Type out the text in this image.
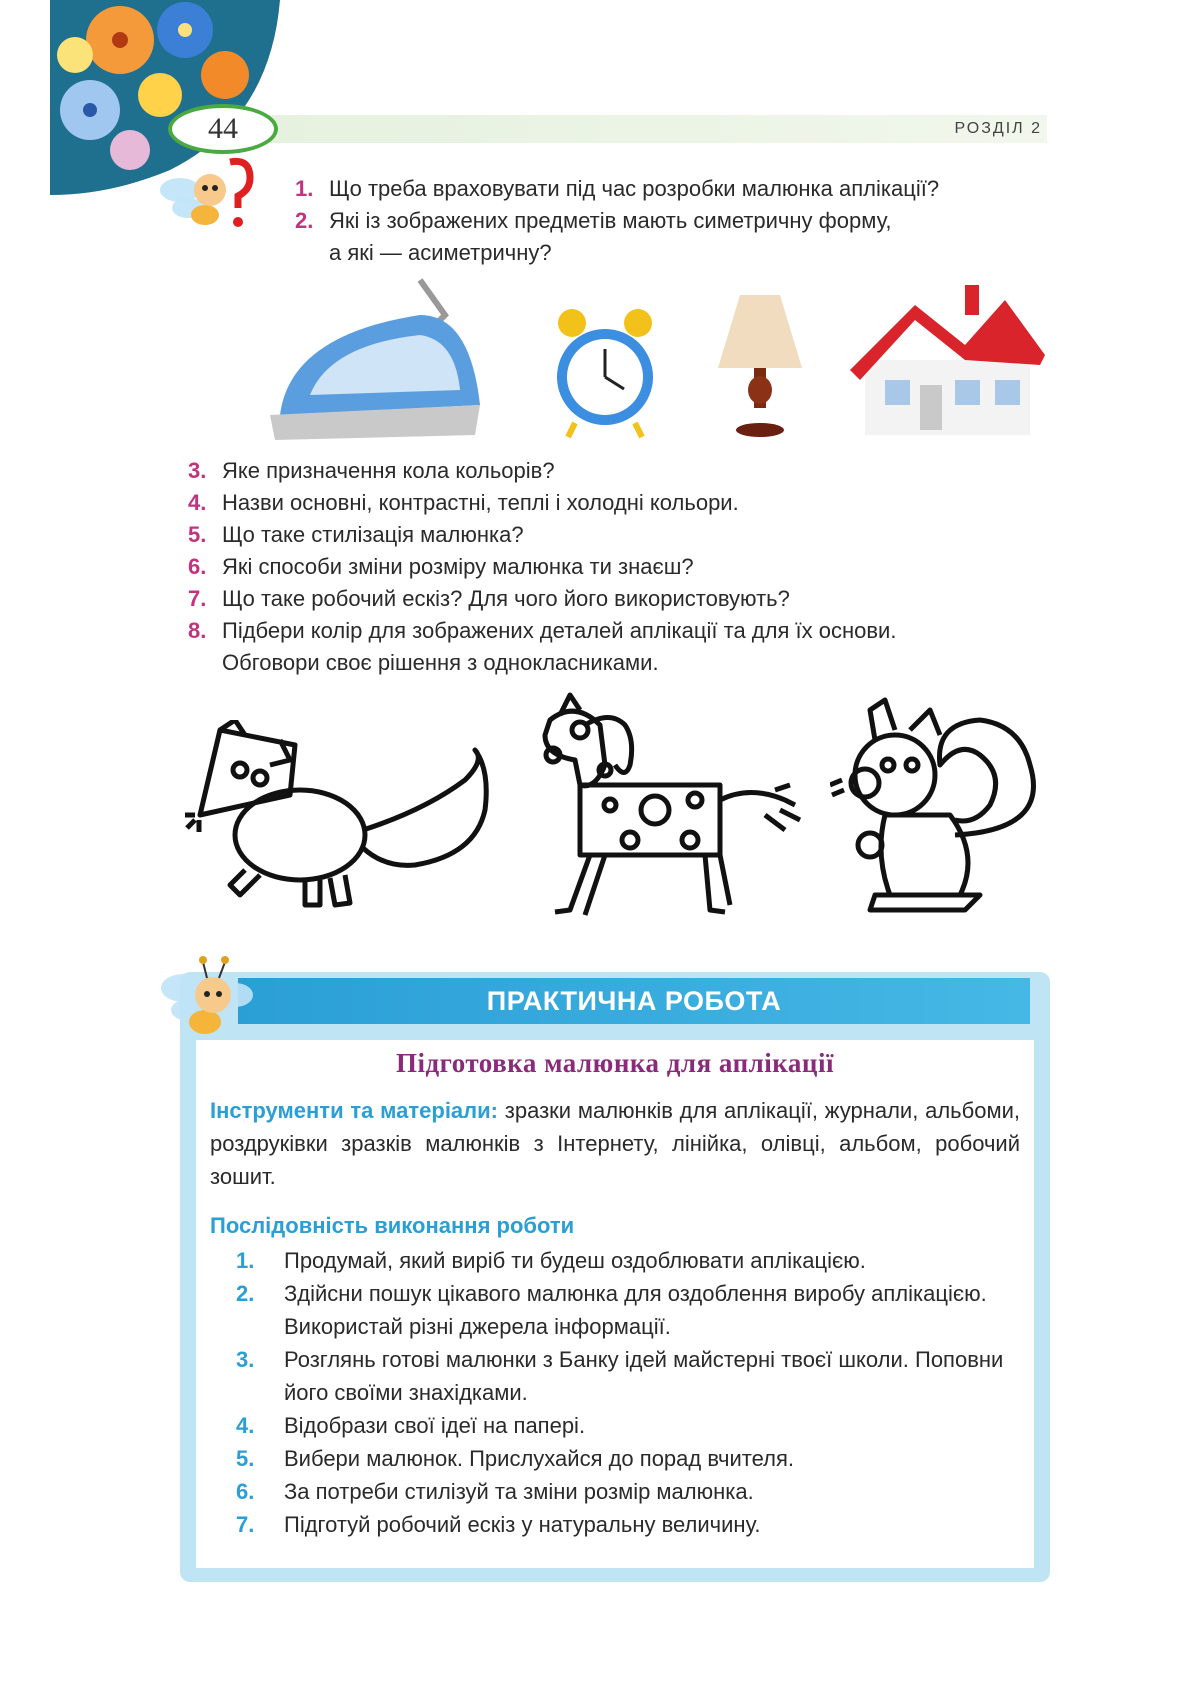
44	РОЗДІЛ 2
1. Що треба враховувати під час розробки малюнка аплікації?
2. Які із зображених предметів мають симетричну форму,
а які — асиметричну?
3. Яке призначення кола кольорів?
4. Назви основні, контрастні, теплі і холодні кольори.
5. Що таке стилізація малюнка?
6. Які способи зміни розміру малюнка ти знаєш?
7. Що таке робочий ескіз? Для чого його використовують?
8. Підбери колір для зображених деталей аплікації та для їх основи.
Обговори своє рішення з однокласниками.
ПРАКТИЧНА РОБОТА
Підготовка малюнка для аплікації
Інструменти та матеріали: зразки малюнків для аплікації, журнали, альбоми, роздруківки зразків малюнків з Інтернету, лінійка, олівці, альбом, робочий зошит.
Послідовність виконання роботи
1.	Продумай, який виріб ти будеш оздоблювати аплікацією.
2.	Здійсни пошук цікавого малюнка для оздоблення виробу аплікацією. Використай різні джерела інформації.
3.	Розглянь готові малюнки з Банку ідей майстерні твоєї школи. Поповни його своїми знахідками.
4.	Відобрази свої ідеї на папері.
5.	Вибери малюнок. Прислухайся до порад вчителя.
6.	За потреби стилізуй та зміни розмір малюнка.
7.	Підготуй робочий ескіз у натуральну величину.
